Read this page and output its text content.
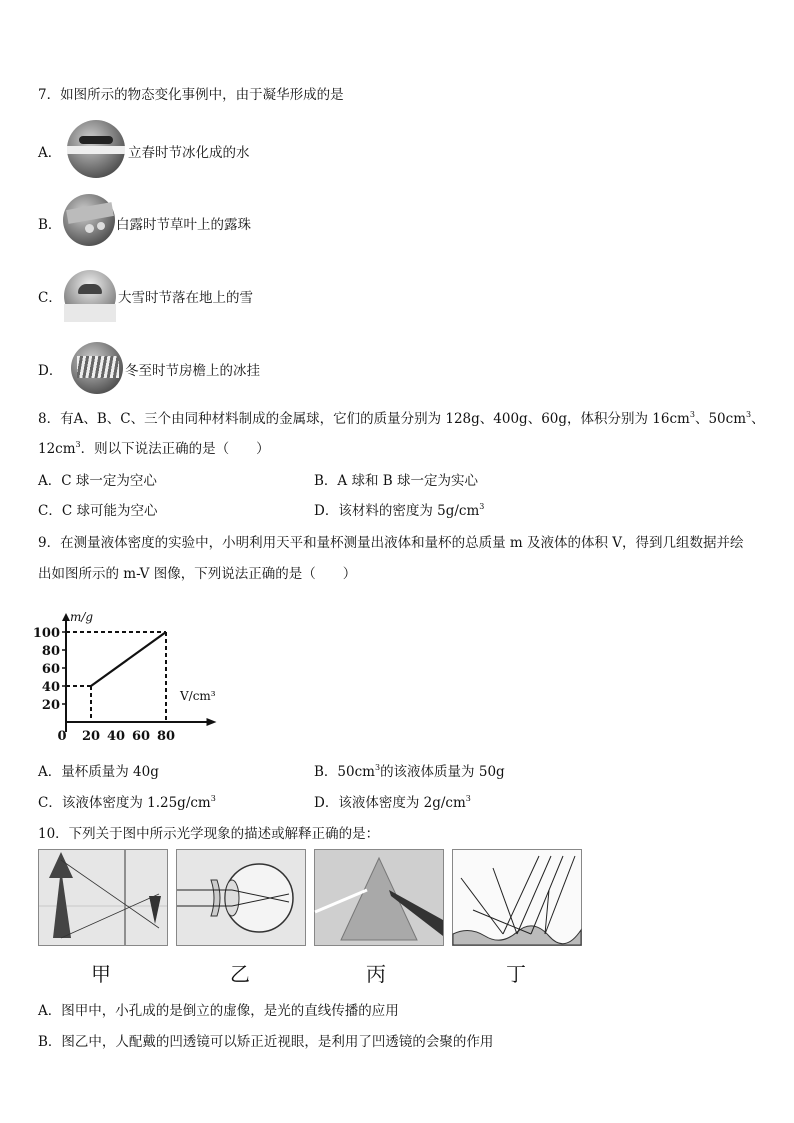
7．如图所示的物态变化事例中，由于凝华形成的是
A．	立春时节冰化成的水
B．	白露时节草叶上的露珠
C．	大雪时节落在地上的雪
D．	冬至时节房檐上的冰挂
8．有A、B、C、三个由同种材料制成的金属球，它们的质量分别为 128g、400g、60g，体积分别为 $16cm^3$、$50cm^3$、
$12cm^3$．则以下说法正确的是（　　）
A．C 球一定为空心	B．A 球和 B 球一定为实心
C．C 球可能为空心	D．该材料的密度为 $5g/cm^3$
9．在测量液体密度的实验中，小明利用天平和量杯测量出液体和量杯的总质量 m 及液体的体积 V，得到几组数据并绘
出如图所示的 m-V 图像，下列说法正确的是（　　）
20
40
60
80
100
0 20 40 60 80
m/g
V/cm³
A．量杯质量为 40g	B．$50cm^3$的该液体质量为 50g
C．该液体密度为 $1.25g/cm^3$	D．该液体密度为 $2g/cm^3$
10．下列关于图中所示光学现象的描述或解释正确的是：
甲	乙	丙	丁
A．图甲中，小孔成的是倒立的虚像，是光的直线传播的应用
B．图乙中，人配戴的凹透镜可以矫正近视眼，是利用了凹透镜的会聚的作用
